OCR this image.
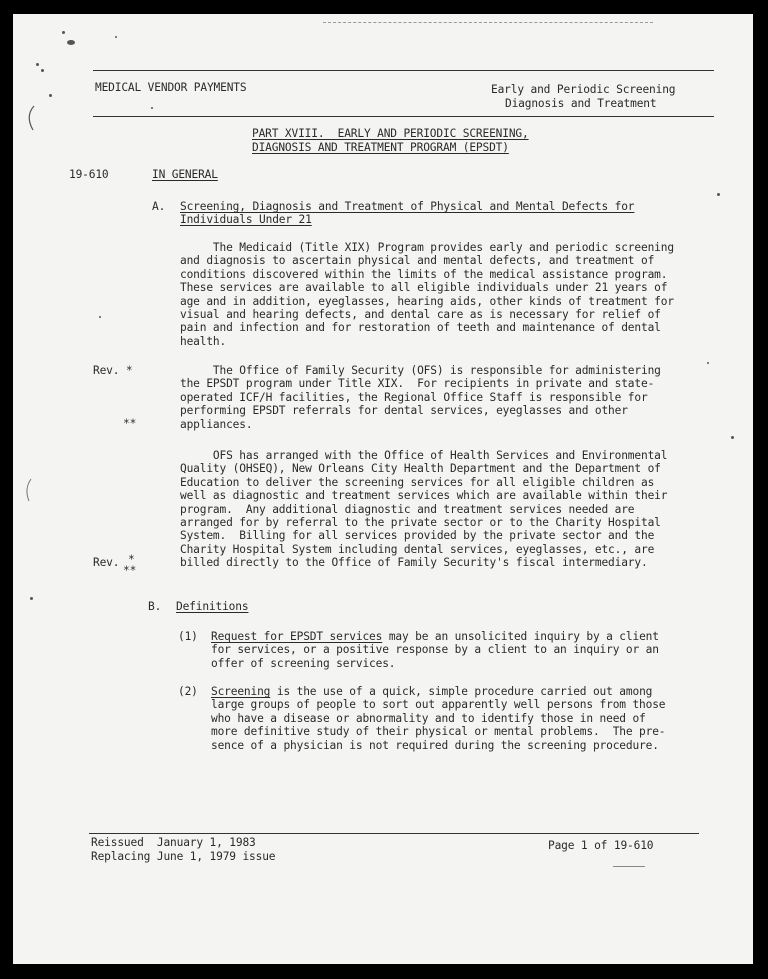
MEDICAL VENDOR PAYMENTS	Early and Periodic Screening
Diagnosis and Treatment
PART XVIII.  EARLY AND PERIODIC SCREENING,
DIAGNOSIS AND TREATMENT PROGRAM (EPSDT)
19-610	IN GENERAL
A. Screening, Diagnosis and Treatment of Physical and Mental Defects for
Individuals Under 21
The Medicaid (Title XIX) Program provides early and periodic screening
and diagnosis to ascertain physical and mental defects, and treatment of
conditions discovered within the limits of the medical assistance program.
These services are available to all eligible individuals under 21 years of
age and in addition, eyeglasses, hearing aids, other kinds of treatment for
visual and hearing defects, and dental care as is necessary for relief of
pain and infection and for restoration of teeth and maintenance of dental
health.
Rev. *
**
The Office of Family Security (OFS) is responsible for administering
the EPSDT program under Title XIX.  For recipients in private and state-
operated ICF/H facilities, the Regional Office Staff is responsible for
performing EPSDT referrals for dental services, eyeglasses and other
appliances.
OFS has arranged with the Office of Health Services and Environmental
Quality (OHSEQ), New Orleans City Health Department and the Department of
Education to deliver the screening services for all eligible children as
well as diagnostic and treatment services which are available within their
program.  Any additional diagnostic and treatment services needed are
arranged for by referral to the private sector or to the Charity Hospital
System.  Billing for all services provided by the private sector and the
Charity Hospital System including dental services, eyeglasses, etc., are
billed directly to the Office of Family Security's fiscal intermediary.
Rev. *
**
B. Definitions
(1) Request for EPSDT services may be an unsolicited inquiry by a client
for services, or a positive response by a client to an inquiry or an
offer of screening services.
(2) Screening is the use of a quick, simple procedure carried out among
large groups of people to sort out apparently well persons from those
who have a disease or abnormality and to identify those in need of
more definitive study of their physical or mental problems.  The pre-
sence of a physician is not required during the screening procedure.
Reissued  January 1, 1983
Replacing June 1, 1979 issue
Page 1 of 19-610
